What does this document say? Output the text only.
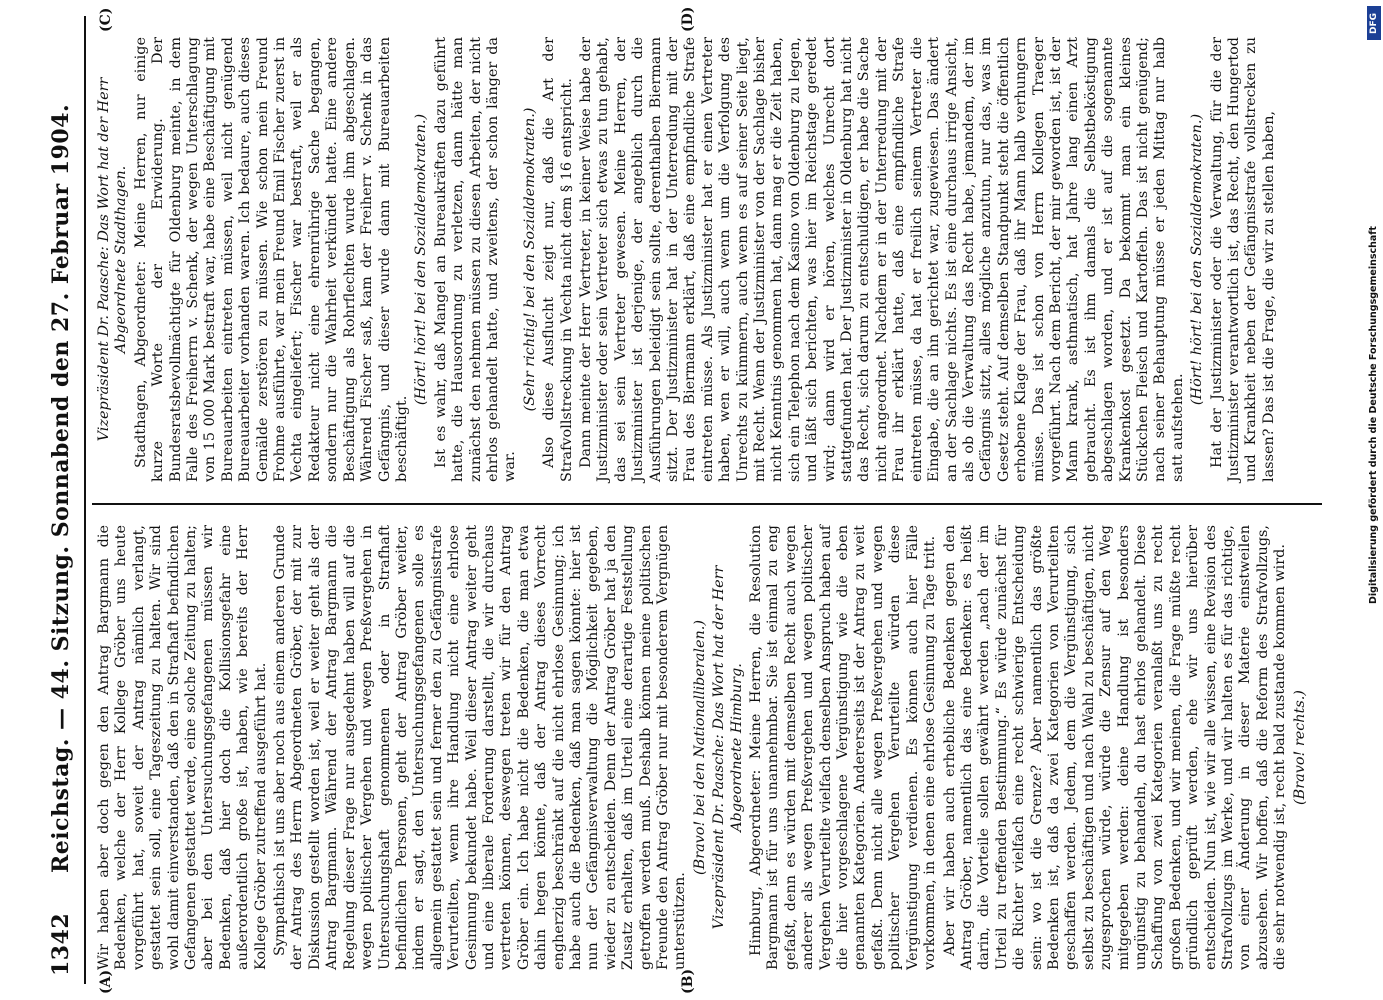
1342
Reichstag. — 44. Sitzung. Sonnabend den 27. Februar 1904.
(A)	(B)
(C)	(D)

Wir haben aber doch gegen den Antrag Bargmann die Bedenken, welche der Herr Kollege Gröber uns heute vorgeführt hat, soweit der Antrag nämlich verlangt, gestattet sein soll, eine Tageszeitung zu halten. Wir sind wohl damit einverstanden, daß den in Strafhaft befindlichen Gefangenen gestattet werde, eine solche Zeitung zu halten; aber bei den Untersuchungsgefangenen müssen wir Bedenken, daß hier doch die Kollisionsgefahr eine außerordentlich große ist, haben, wie bereits der Herr Kollege Gröber zutreffend ausgeführt hat. Sympathisch ist uns aber noch aus einem anderen Grunde der Antrag des Herrn Abgeordneten Gröber, der mit zur Diskussion gestellt worden ist, weil er weiter geht als der Antrag Bargmann. Während der Antrag Bargmann die Regelung dieser Frage nur ausgedehnt haben will auf die wegen politischer Vergehen und wegen Preßvergehen in Untersuchungshaft genommenen oder in Strafhaft befindlichen Personen, geht der Antrag Gröber weiter, indem er sagt, den Untersuchungsgefangenen solle es allgemein gestattet sein und ferner den zu Gefängnisstrafe Verurteilten, wenn ihre Handlung nicht eine ehrlose Gesinnung bekundet habe. Weil dieser Antrag weiter geht und eine liberale Forderung darstellt, die wir durchaus vertreten können, deswegen treten wir für den Antrag Gröber ein. Ich habe nicht die Bedenken, die man etwa dahin hegen könnte, daß der Antrag dieses Vorrecht engherzig beschränkt auf die nicht ehrlose Gesinnung; ich habe auch die Bedenken, daß man sagen könnte: hier ist nun der Gefängnisverwaltung die Möglichkeit gegeben, wieder zu entscheiden. Denn der Antrag Gröber hat ja den Zusatz erhalten, daß im Urteil eine derartige Feststellung getroffen werden muß. Deshalb können meine politischen Freunde den Antrag Gröber nur mit besonderem Vergnügen unterstützen.

(Bravo! bei den Nationalliberalen.) Vizepräsident Dr. Paasche: Das Wort hat der Herr Abgeordnete Himburg. Himburg, Abgeordneter: Meine Herren, die Resolution Bargmann ist für uns unannehmbar. Sie ist einmal zu eng gefaßt, denn es würden mit demselben Recht auch wegen anderer als wegen Preßvergehen und wegen politischer Vergehen Verurteilte vielfach denselben Anspruch haben auf die hier vorgeschlagene Vergünstigung wie die eben genannten Kategorien. Andererseits ist der Antrag zu weit gefaßt. Denn nicht alle wegen Preßvergehen und wegen politischer Vergehen Verurteilte würden diese Vergünstigung verdienen. Es können auch hier Fälle vorkommen, in denen eine ehrlose Gesinnung zu Tage tritt. Aber wir haben auch erhebliche Bedenken gegen den Antrag Gröber, namentlich das eine Bedenken: es heißt darin, die Vorteile sollen gewährt werden „nach der im Urteil zu treffenden Bestimmung.“ Es würde zunächst für die Richter vielfach eine recht schwierige Entscheidung sein: wo ist die Grenze? Aber namentlich das größte Bedenken ist, daß da zwei Kategorien von Verurteilten geschaffen werden. Jedem, dem die Vergünstigung, sich selbst zu beschäftigen und nach Wahl zu beschäftigen, nicht zugesprochen würde, würde die Zensur auf den Weg mitgegeben werden: deine Handlung ist besonders ungünstig zu behandeln, du hast ehrlos gehandelt. Diese Schaffung von zwei Kategorien veranlaßt uns zu recht großen Bedenken, und wir meinen, die Frage müßte recht gründlich geprüft werden, ehe wir uns hierüber entscheiden. Nun ist, wie wir alle wissen, eine Revision des Strafvollzugs im Werke, und wir halten es für das richtige, von einer Änderung in dieser Materie einstweilen abzusehen. Wir hoffen, daß die Reform des Strafvollzugs, die sehr notwendig ist, recht bald zustande kommen wird. (Bravo! rechts.)

Vizepräsident Dr. Paasche: Das Wort hat der Herr Abgeordnete Stadthagen. Stadthagen, Abgeordneter: Meine Herren, nur einige kurze Worte der Erwiderung. Der Bundesratsbevollmächtigte für Oldenburg meinte, in dem Falle des Freiherrn v. Schenk, der wegen Unterschlagung von 15 000 Mark bestraft war, habe eine Beschäftigung mit Bureauarbeiten eintreten müssen, weil nicht genügend Bureauarbeiter vorhanden waren. Ich bedaure, auch dieses Gemälde zerstören zu müssen. Wie schon mein Freund Frohme ausführte, war mein Freund Emil Fischer zuerst in Vechta eingeliefert; Fischer war bestraft, weil er als Redakteur nicht eine ehrenrührige Sache begangen, sondern nur die Wahrheit verkündet hatte. Eine andere Beschäftigung als Rohrflechten wurde ihm abgeschlagen. Während Fischer saß, kam der Freiherr v. Schenk in das Gefängnis, und dieser wurde dann mit Bureauarbeiten beschäftigt.

(Hört! hört! bei den Sozialdemokraten.) Ist es wahr, daß Mangel an Bureaukräften dazu geführt hatte, die Hausordnung zu verletzen, dann hätte man zunächst den nehmen müssen zu diesen Arbeiten, der nicht ehrlos gehandelt hatte, und zweitens, der schon länger da war.

(Sehr richtig! bei den Sozialdemokraten.) Also diese Ausflucht zeigt nur, daß die Art der Strafvollstreckung in Vechta nicht dem § 16 entspricht. Dann meinte der Herr Vertreter, in keiner Weise habe der Justizminister oder sein Vertreter sich etwas zu tun gehabt, das sei sein Vertreter gewesen. Meine Herren, der Justizminister ist derjenige, der angeblich durch die Ausführungen beleidigt sein sollte, derenthalben Biermann sitzt. Der Justizminister hat in der Unterredung mit der Frau des Biermann erklärt, daß eine empfindliche Strafe eintreten müsse. Als Justizminister hat er einen Vertreter haben, wen er will, auch wenn um die Verfolgung des Unrechts zu kümmern, auch wenn es auf seiner Seite liegt, mit Recht. Wenn der Justizminister von der Sachlage bisher nicht Kenntnis genommen hat, dann mag er die Zeit haben, sich ein Telephon nach dem Kasino von Oldenburg zu legen, und läßt sich berichten, was hier im Reichstage geredet wird; dann wird er hören, welches Unrecht dort stattgefunden hat. Der Justizminister in Oldenburg hat nicht das Recht, sich darum zu entschuldigen, er habe die Sache nicht angeordnet. Nachdem er in der Unterredung mit der Frau ihr erklärt hatte, daß eine empfindliche Strafe eintreten müsse, da hat er freilich seinem Vertreter die Eingabe, die an ihn gerichtet war, zugewiesen. Das ändert an der Sachlage nichts. Es ist eine durchaus irrige Ansicht, als ob die Verwaltung das Recht habe, jemandem, der im Gefängnis sitzt, alles mögliche anzutun, nur das, was im Gesetz steht. Auf demselben Standpunkt steht die öffentlich erhobene Klage der Frau, daß ihr Mann halb verhungern müsse. Das ist schon von Herrn Kollegen Traeger vorgeführt. Nach dem Bericht, der mir geworden ist, ist der Mann krank, asthmatisch, hat Jahre lang einen Arzt gebraucht. Es ist ihm damals die Selbstbeköstigung abgeschlagen worden, und er ist auf die sogenannte Krankenkost gesetzt. Da bekommt man ein kleines Stückchen Fleisch und Kartoffeln. Das ist nicht genügend; nach seiner Behauptung müsse er jeden Mittag nur halb satt aufstehen.

(Hört! hört! bei den Sozialdemokraten.) Hat der Justizminister oder die Verwaltung, für die der Justizminister verantwortlich ist, das Recht, den Hungertod und Krankheit neben der Gefängnisstrafe vollstrecken zu lassen? Das ist die Frage, die wir zu stellen haben,

DFG
Digitalisierung gefördert durch die Deutsche Forschungsgemeinschaft
